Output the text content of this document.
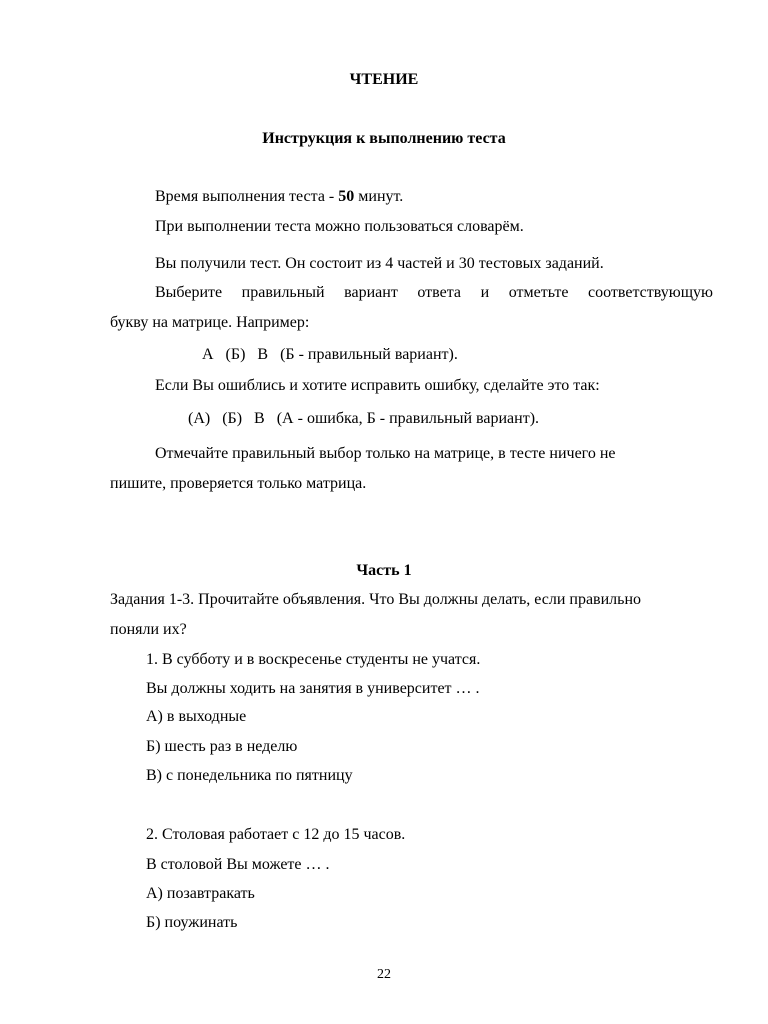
ЧТЕНИЕ
Инструкция к выполнению теста
Время выполнения теста - 50 минут.
При выполнении теста можно пользоваться словарём.
Вы получили тест. Он состоит из 4 частей и 30 тестовых заданий.
Выберите правильный вариант ответа и отметьте соответствующую
букву на матрице. Например:
А   (Б)   В   (Б - правильный вариант).
Если Вы ошиблись и хотите исправить ошибку, сделайте это так:
(А)   (Б)   В   (А - ошибка, Б - правильный вариант).
Отмечайте правильный выбор только на матрице, в тесте ничего не
пишите, проверяется только матрица.
Часть 1
Задания 1-3. Прочитайте объявления. Что Вы должны делать, если правильно
поняли их?
1. В субботу и в воскресенье студенты не учатся.
Вы должны ходить на занятия в университет … .
А) в выходные
Б) шесть раз в неделю
В) с понедельника по пятницу
2. Столовая работает с 12 до 15 часов.
В столовой Вы можете … .
А) позавтракать
Б) поужинать
22
